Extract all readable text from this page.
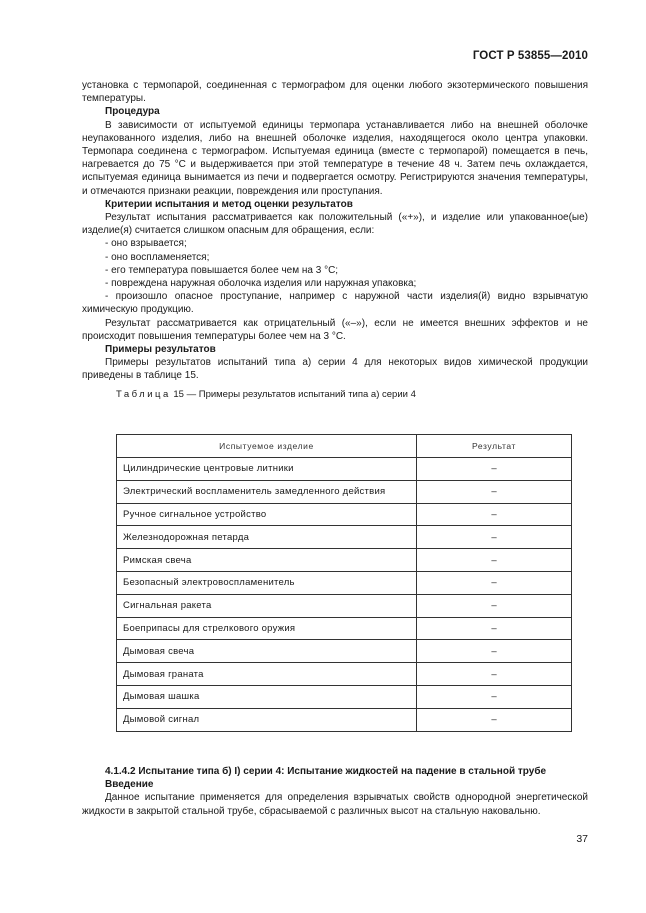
ГОСТ Р 53855—2010

установка с термопарой, соединенная с термографом для оценки любого экзотермического повышения температуры.

Процедура

В зависимости от испытуемой единицы термопара устанавливается либо на внешней оболочке неупакованного изделия, либо на внешней оболочке изделия, находящегося около центра упаковки. Термопара соединена с термографом. Испытуемая единица (вместе с термопарой) помещается в печь, нагревается до 75 °С и выдерживается при этой температуре в течение 48 ч. Затем печь охлаждается, испытуемая единица вынимается из печи и подвергается осмотру. Регистрируются значения температуры, и отмечаются признаки реакции, повреждения или проступания.

Критерии испытания и метод оценки результатов

Результат испытания рассматривается как положительный («+»), и изделие или упакованное(ые) изделие(я) считается слишком опасным для обращения, если:

- оно взрывается;

- оно воспламеняется;

- его температура повышается более чем на 3 °С;

- повреждена наружная оболочка изделия или наружная упаковка;

- произошло опасное проступание, например с наружной части изделия(й) видно взрывчатую химическую продукцию.

Результат рассматривается как отрицательный («–»), если не имеется внешних эффектов и не происходит повышения температуры более чем на 3 °С.

Примеры результатов

Примеры результатов испытаний типа а) серии 4 для некоторых видов химической продукции приведены в таблице 15.

Таблица 15 — Примеры результатов испытаний типа а) серии 4
Испытуемое изделие	Результат
Цилиндрические центровые литники	–
Электрический воспламенитель замедленного действия	–
Ручное сигнальное устройство	–
Железнодорожная петарда	–
Римская свеча	–
Безопасный электровоспламенитель	–
Сигнальная ракета	–
Боеприпасы для стрелкового оружия	–
Дымовая свеча	–
Дымовая граната	–
Дымовая шашка	–
Дымовой сигнал	–

4.1.4.2 Испытание типа б) I) серии 4: Испытание жидкостей на падение в стальной трубе

Введение

Данное испытание применяется для определения взрывчатых свойств однородной энергетической жидкости в закрытой стальной трубе, сбрасываемой с различных высот на стальную наковальню.

37
